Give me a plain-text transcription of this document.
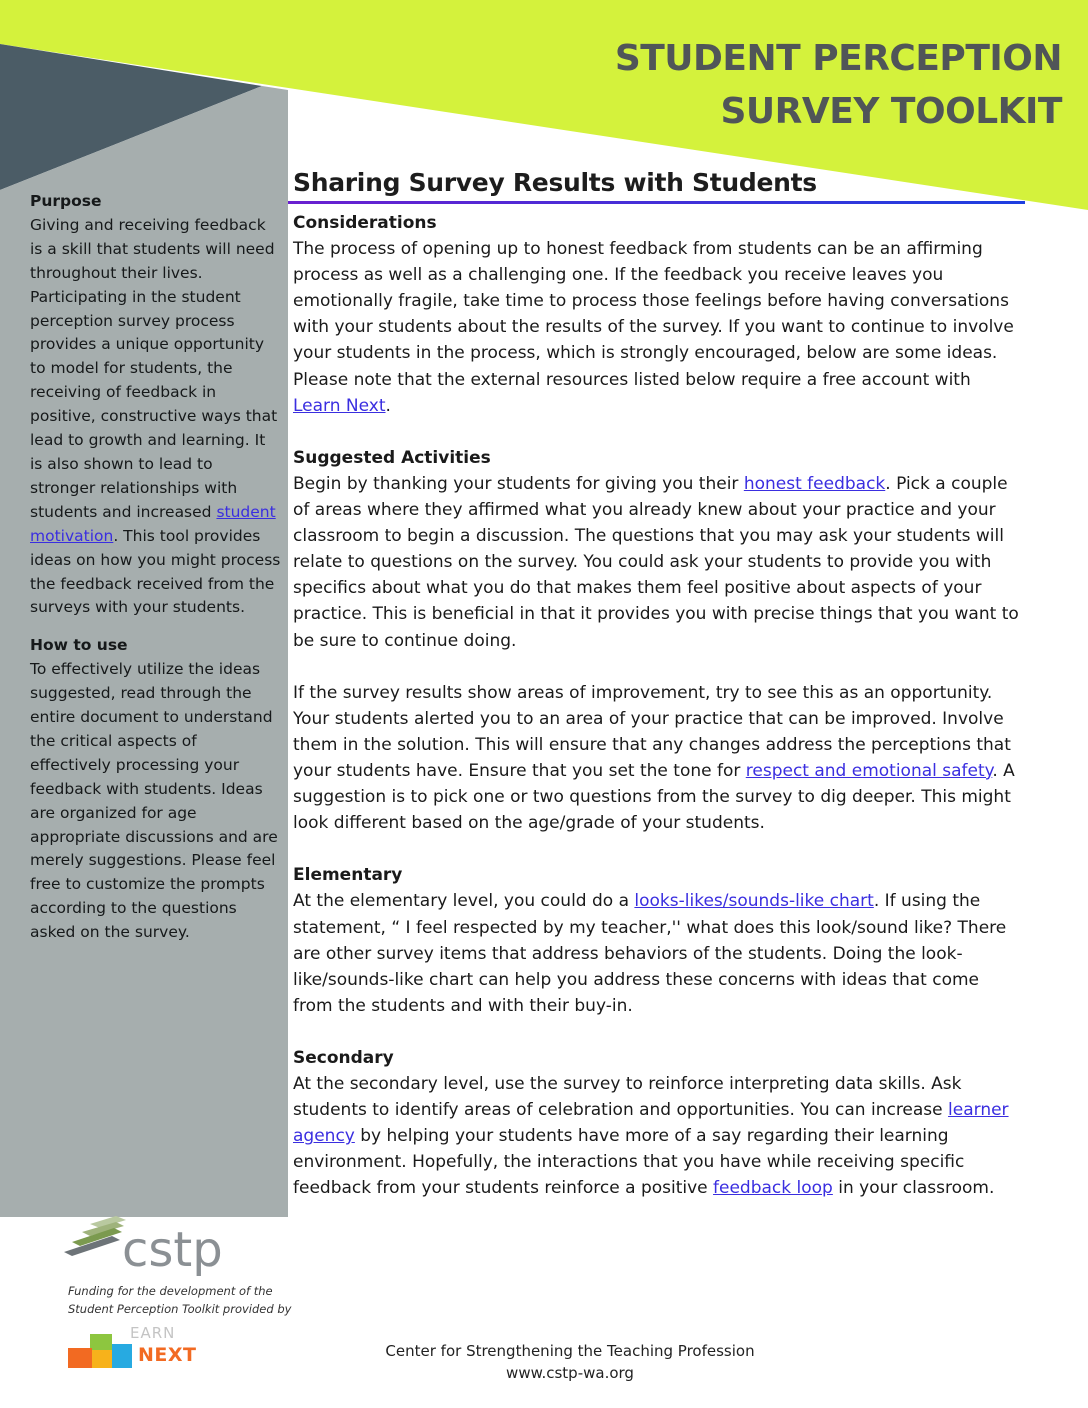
STUDENT PERCEPTION
SURVEY TOOLKIT

Purpose

Giving and receiving feedback is a skill that students will need throughout their lives. Participating in the student perception survey process provides a unique opportunity to model for students, the receiving of feedback in positive, constructive ways that lead to growth and learning. It is also shown to lead to stronger relationships with students and increased student motivation. This tool provides ideas on how you might process the feedback received from the surveys with your students.

How to use

To effectively utilize the ideas suggested, read through the entire document to understand the critical aspects of effectively processing your feedback with students. Ideas are organized for age appropriate discussions and are merely suggestions. Please feel free to customize the prompts according to the questions asked on the survey.

Sharing Survey Results with Students

Considerations

The process of opening up to honest feedback from students can be an affirming process as well as a challenging one. If the feedback you receive leaves you emotionally fragile, take time to process those feelings before having conversations with your students about the results of the survey. If you want to continue to involve your students in the process, which is strongly encouraged, below are some ideas. Please note that the external resources listed below require a free account with Learn Next.

Suggested Activities

Begin by thanking your students for giving you their honest feedback. Pick a couple of areas where they affirmed what you already knew about your practice and your classroom to begin a discussion. The questions that you may ask your students will relate to questions on the survey. You could ask your students to provide you with specifics about what you do that makes them feel positive about aspects of your practice. This is beneficial in that it provides you with precise things that you want to be sure to continue doing.

If the survey results show areas of improvement, try to see this as an opportunity. Your students alerted you to an area of your practice that can be improved. Involve them in the solution. This will ensure that any changes address the perceptions that your students have. Ensure that you set the tone for respect and emotional safety. A suggestion is to pick one or two questions from the survey to dig deeper. This might look different based on the age/grade of your students.

Elementary

At the elementary level, you could do a looks-likes/sounds-like chart. If using the statement, “ I feel respected by my teacher,'' what does this look/sound like? There are other survey items that address behaviors of the students. Doing the look-like/sounds-like chart can help you address these concerns with ideas that come from the students and with their buy-in.

Secondary

At the secondary level, use the survey to reinforce interpreting data skills. Ask students to identify areas of celebration and opportunities. You can increase learner agency by helping your students have more of a say regarding their learning environment. Hopefully, the interactions that you have while receiving specific feedback from your students reinforce a positive feedback loop in your classroom.

cstp
Funding for the development of the
Student Perception Toolkit provided by
EARN
NEXT	Center for Strengthening the Teaching Profession
www.cstp-wa.org
